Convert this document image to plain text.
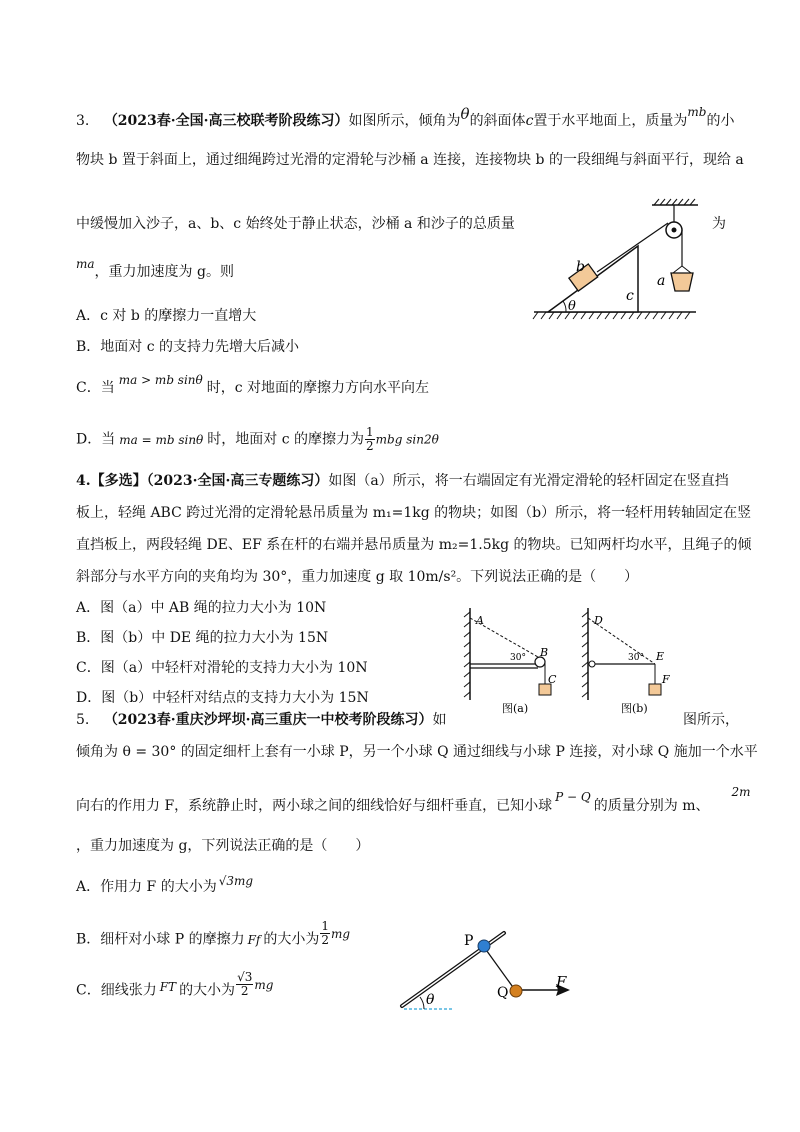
3. （2023春·全国·高三校联考阶段练习）如图所示，倾角为θ的斜面体c置于水平地面上，质量为mb的小
物块 b 置于斜面上，通过细绳跨过光滑的定滑轮与沙桶 a 连接，连接物块 b 的一段细绳与斜面平行，现给 a
中缓慢加入沙子，a、b、c 始终处于静止状态，沙桶 a 和沙子的总质量	为
ma，重力加速度为 g。则
A．c 对 b 的摩擦力一直增大
B．地面对 c 的支持力先增大后减小
C．当 ma > mb sinθ 时，c 对地面的摩擦力方向水平向左
D．当 ma = mb sinθ 时，地面对 c 的摩擦力为 $\frac{1}{2}$ mbg sin2θ
θ
c
b
a
4.【多选】（2023·全国·高三专题练习）如图（a）所示，将一右端固定有光滑定滑轮的轻杆固定在竖直挡
板上，轻绳 ABC 跨过光滑的定滑轮悬吊质量为 m₁=1kg 的物块；如图（b）所示，将一轻杆用转轴固定在竖
直挡板上，两段轻绳 DE、EF 系在杆的右端并悬吊质量为 m₂=1.5kg 的物块。已知两杆均水平，且绳子的倾
斜部分与水平方向的夹角均为 30°，重力加速度 g 取 10m/s²。下列说法正确的是（　　）
A．图（a）中 AB 绳的拉力大小为 10N
B．图（b）中 DE 绳的拉力大小为 15N
C．图（a）中轻杆对滑轮的支持力大小为 10N
D．图（b）中轻杆对结点的支持力大小为 15N
A
B
C
30°
图(a)
D
E
F
30°
图(b)
5. （2023春·重庆沙坪坝·高三重庆一中校考阶段练习）如	图所示，
倾角为 θ = 30° 的固定细杆上套有一小球 P，另一个小球 Q 通过细线与小球 P 连接，对小球 Q 施加一个水平
向右的作用力 F，系统静止时，两小球之间的细线恰好与细杆垂直，已知小球P − Q的质量分别为 m、2m
，重力加速度为 g，下列说法正确的是（　　）
A．作用力 F 的大小为 √3mg
B．细杆对小球 P 的摩擦力 Ff 的大小为 $\frac{1}{2}$ mg
C．细线张力 FT 的大小为 $\frac{√3}{2}$ mg
θ
P
Q
F
